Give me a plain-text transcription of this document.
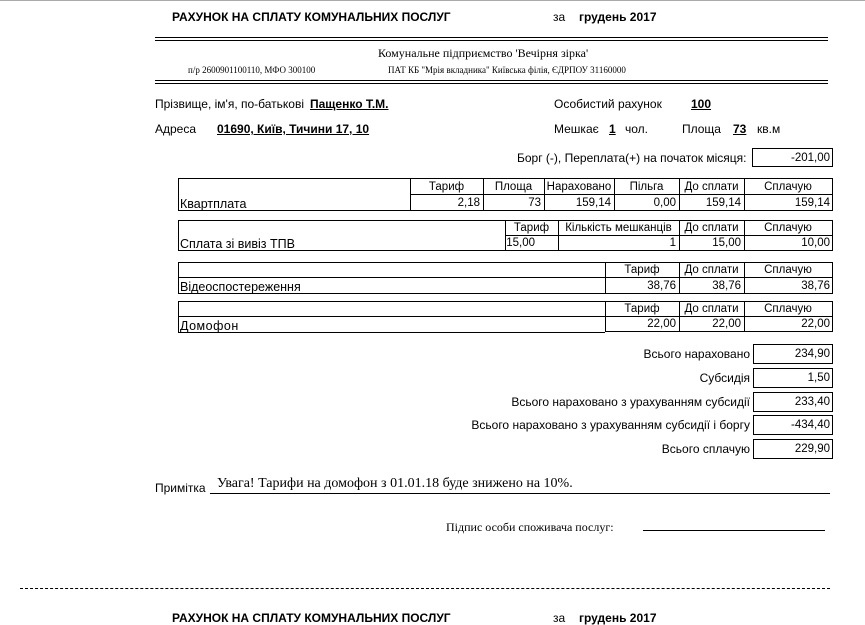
РАХУНОК НА СПЛАТУ КОМУНАЛЬНИХ ПОСЛУГ	за грудень 2017
Комунальне підприємство 'Вечірня зірка'
п/р 2600901100110, МФО 300100	ПАТ КБ "Мрія вкладника" Київська філія, ЄДРПОУ 31160000
Прізвище, ім'я, по-батькові Пащенко Т.М.	Особистий рахунок 100
Адреса 01690, Київ, Тичини 17, 10	Мешкає 1 чол.	Площа 73 кв.м
Борг (-), Переплата(+) на початок місяця:	-201,00
Тариф	Площа	Нараховано	Пільга	До сплати	Сплачую
Квартплата	2,18	73	159,14	0,00	159,14	159,14
Тариф	Кількість мешканців	До сплати	Сплачую
Сплата зі вивіз ТПВ	15,00	1	15,00	10,00
Тариф	До сплати	Сплачую
Відеоспостереження	38,76	38,76	38,76
Тариф	До сплати	Сплачую
Домофон	22,00	22,00	22,00
Всього нараховано	234,90
Субсидія	1,50
Всього нараховано з урахуванням субсидії	233,40
Всього нараховано з урахуванням субсидії і боргу	-434,40
Всього сплачую	229,90
Примітка Увага! Тарифи на домофон з 01.01.18 буде знижено на 10%.
Підпис особи споживача послуг:
РАХУНОК НА СПЛАТУ КОМУНАЛЬНИХ ПОСЛУГ	за грудень 2017
